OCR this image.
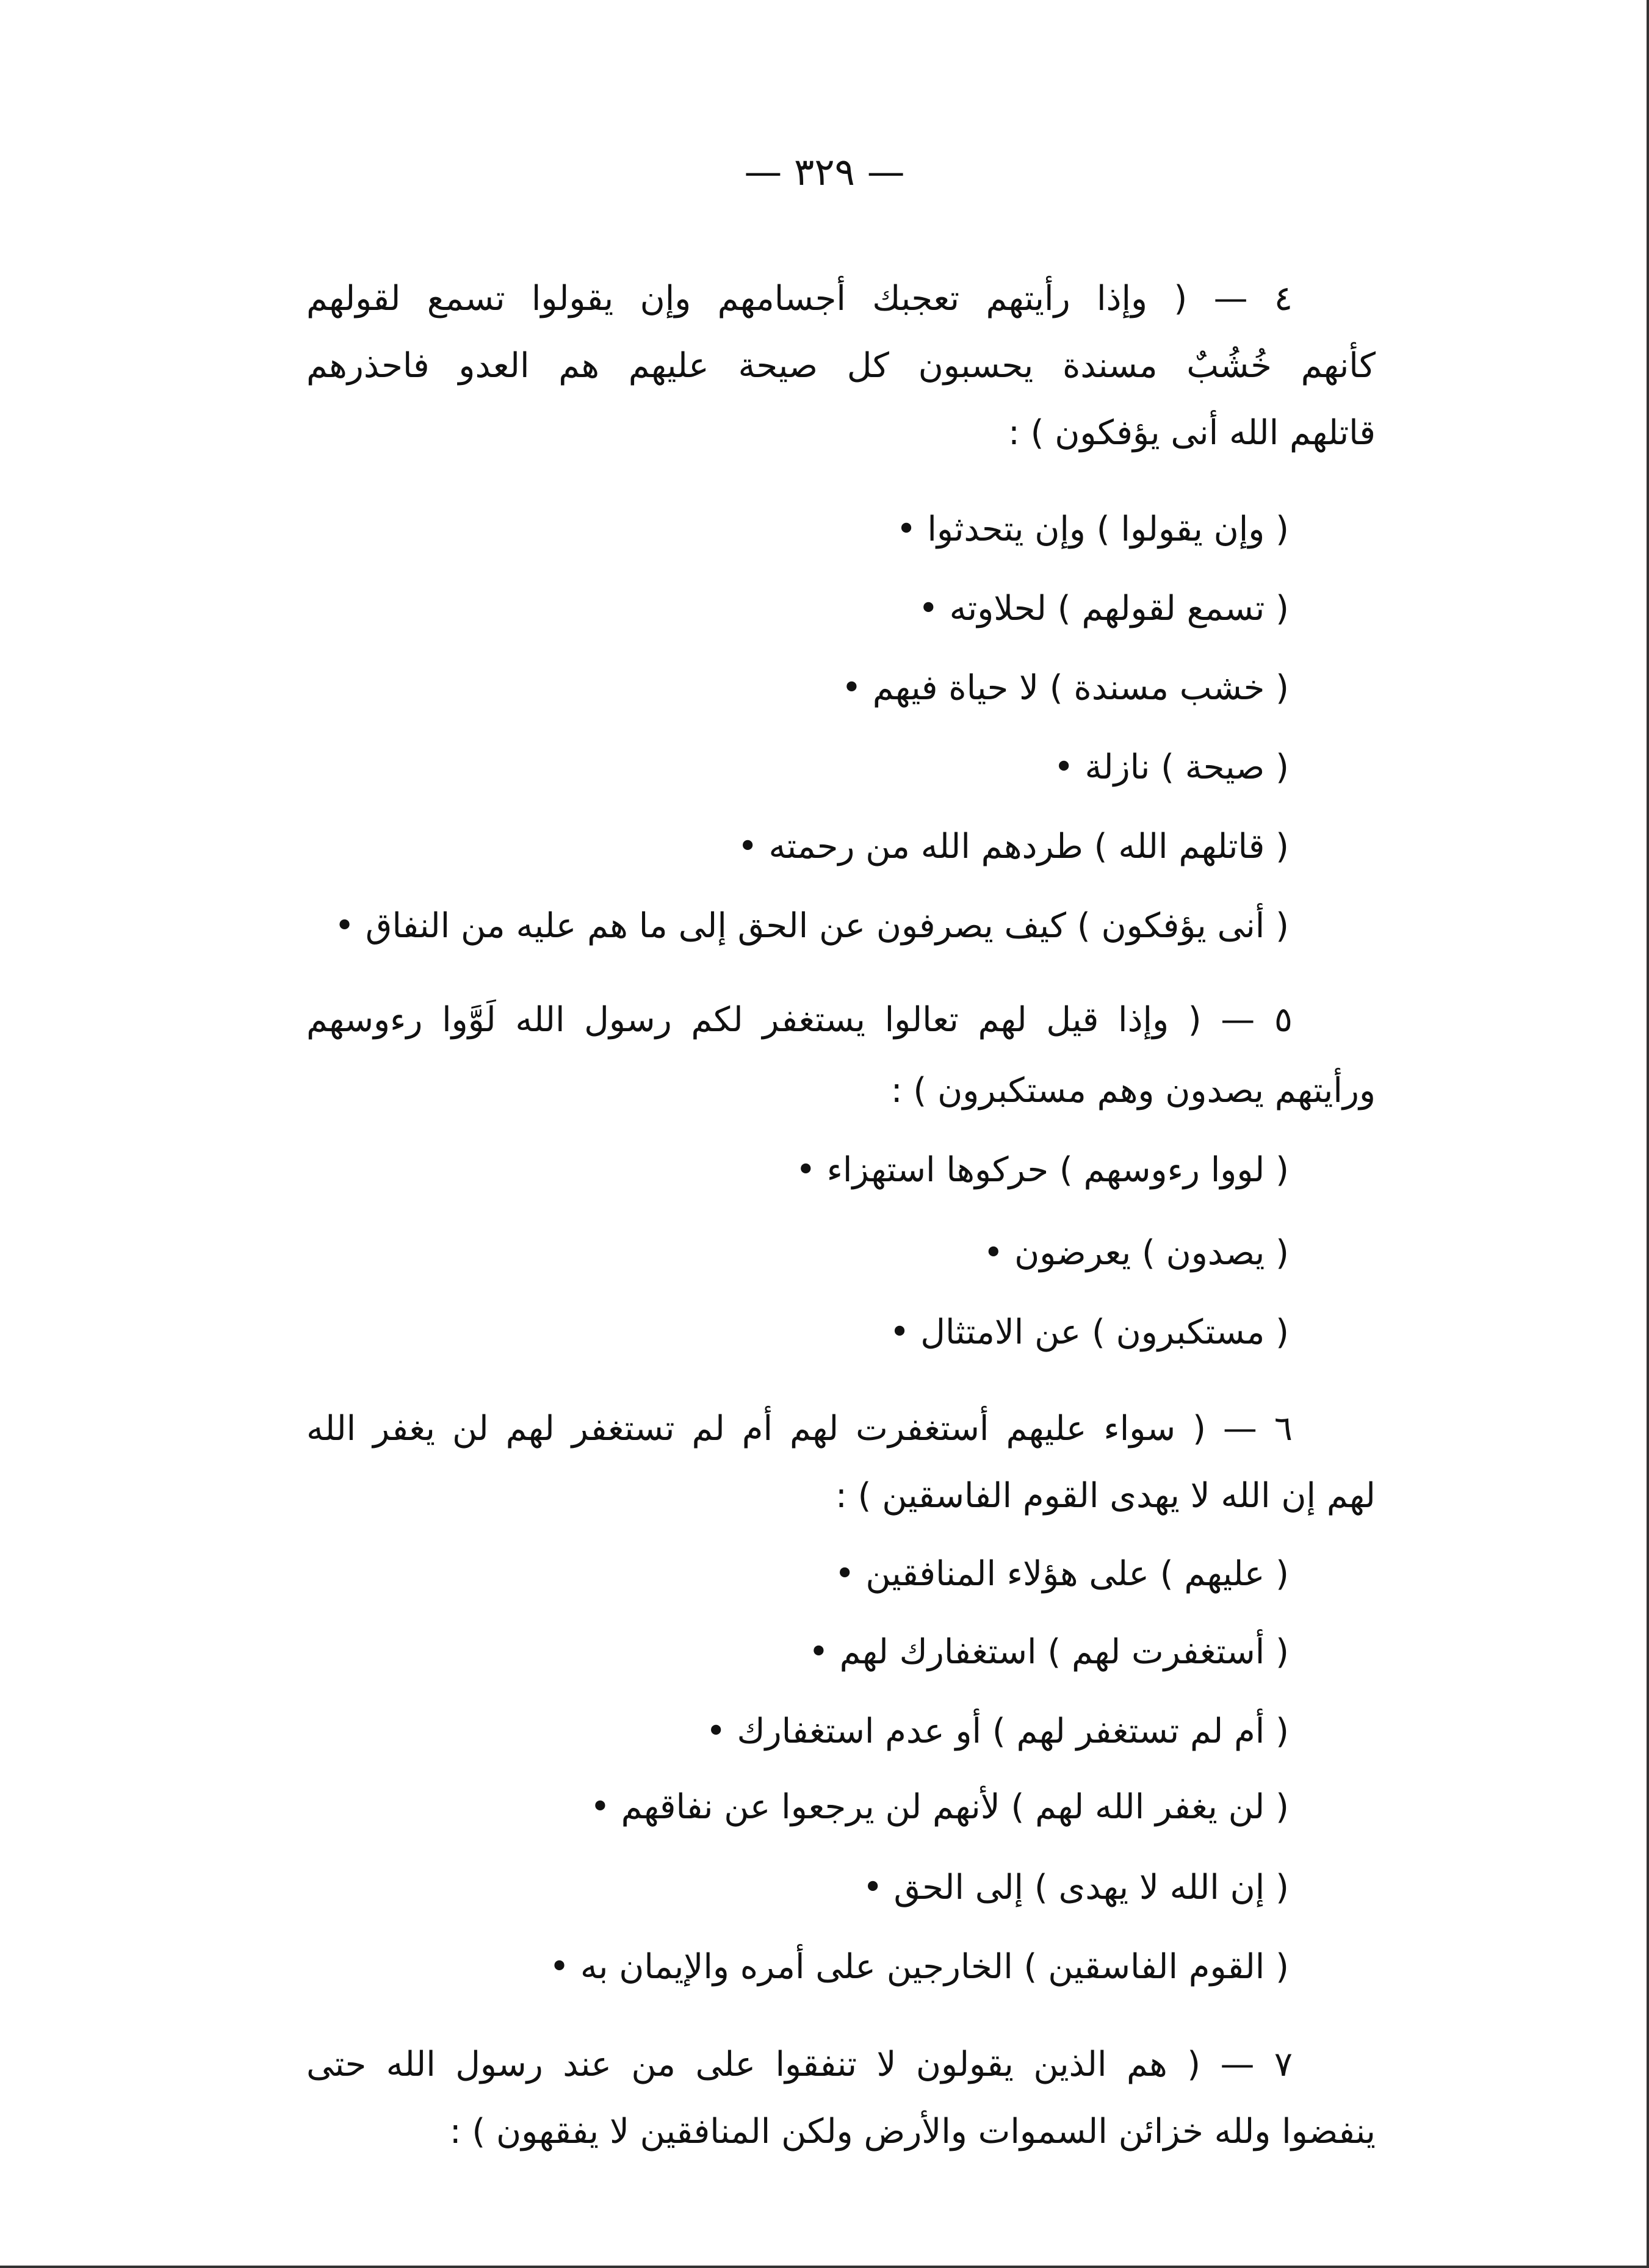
— ٣٢٩ —
٤ — ( وإذا رأيتهم تعجبك أجسامهم وإن يقولوا تسمع لقولهم
كأنهم خُشُبٌ مسندة يحسبون كل صيحة عليهم هم العدو فاحذرهم
قاتلهم الله أنى يؤفكون ) :
( وإن يقولوا ) وإن يتحدثوا •
( تسمع لقولهم ) لحلاوته •
( خشب مسندة ) لا حياة فيهم •
( صيحة ) نازلة •
( قاتلهم الله ) طردهم الله من رحمته •
( أنى يؤفكون ) كيف يصرفون عن الحق إلى ما هم عليه من النفاق •
٥ — ( وإذا قيل لهم تعالوا يستغفر لكم رسول الله لَوَّوا رءوسهم
ورأيتهم يصدون وهم مستكبرون ) :
( لووا رءوسهم ) حركوها استهزاء •
( يصدون ) يعرضون •
( مستكبرون ) عن الامتثال •
٦ — ( سواء عليهم أستغفرت لهم أم لم تستغفر لهم لن يغفر الله
لهم إن الله لا يهدى القوم الفاسقين ) :
( عليهم ) على هؤلاء المنافقين •
( أستغفرت لهم ) استغفارك لهم •
( أم لم تستغفر لهم ) أو عدم استغفارك •
( لن يغفر الله لهم ) لأنهم لن يرجعوا عن نفاقهم •
( إن الله لا يهدى ) إلى الحق •
( القوم الفاسقين ) الخارجين على أمره والإيمان به •
٧ — ( هم الذين يقولون لا تنفقوا على من عند رسول الله حتى
ينفضوا ولله خزائن السموات والأرض ولكن المنافقين لا يفقهون ) :
